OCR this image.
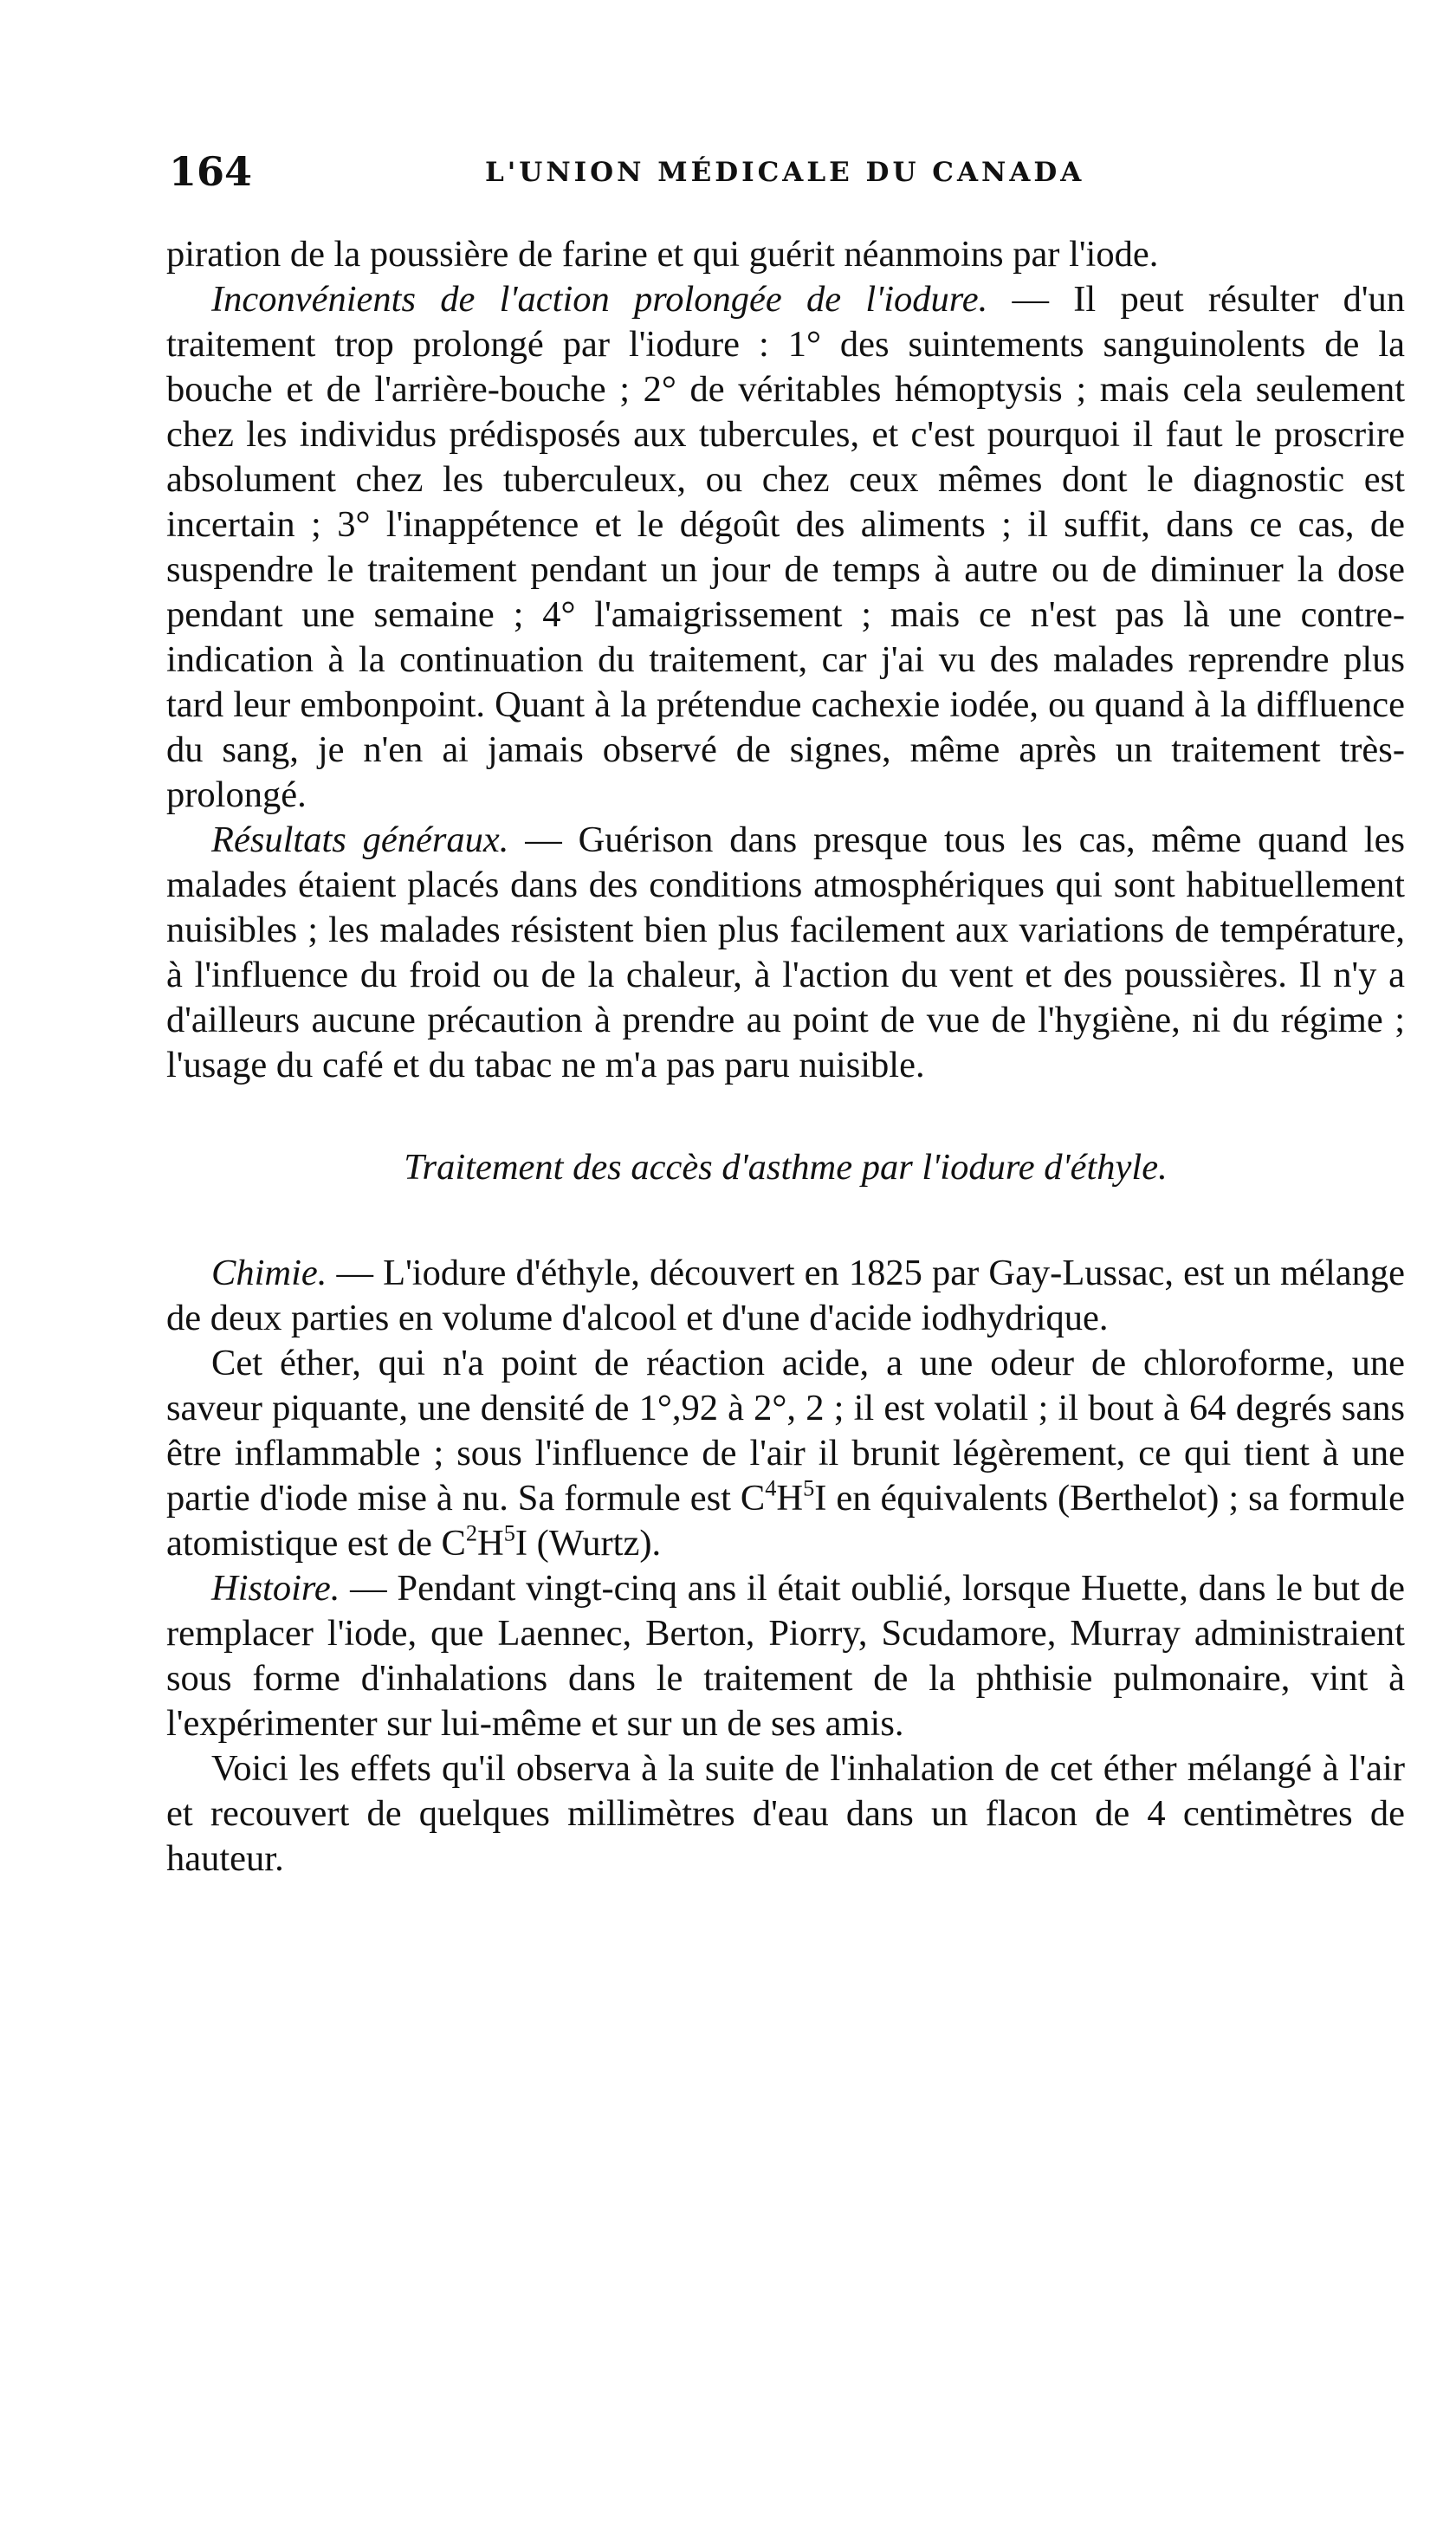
164	L'UNION MÉDICALE DU CANADA

piration de la poussière de farine et qui guérit néanmoins par l'iode.

Inconvénients de l'action prolongée de l'iodure. — Il peut résulter d'un traitement trop prolongé par l'iodure : 1° des suintements sanguinolents de la bouche et de l'arrière-bouche ; 2° de véritables hémoptysis ; mais cela seulement chez les individus prédisposés aux tubercules, et c'est pourquoi il faut le proscrire absolument chez les tuberculeux, ou chez ceux mêmes dont le diagnostic est incertain ; 3° l'inappétence et le dégoût des aliments ; il suffit, dans ce cas, de suspendre le traitement pendant un jour de temps à autre ou de diminuer la dose pendant une semaine ; 4° l'amaigrissement ; mais ce n'est pas là une contre-indication à la continuation du traitement, car j'ai vu des malades reprendre plus tard leur embonpoint. Quant à la prétendue cachexie iodée, ou quand à la diffluence du sang, je n'en ai jamais observé de signes, même après un traitement très-prolongé.

Résultats généraux. — Guérison dans presque tous les cas, même quand les malades étaient placés dans des conditions atmosphériques qui sont habituellement nuisibles ; les malades résistent bien plus facilement aux variations de température, à l'influence du froid ou de la chaleur, à l'action du vent et des poussières. Il n'y a d'ailleurs aucune précaution à prendre au point de vue de l'hygiène, ni du régime ; l'usage du café et du tabac ne m'a pas paru nuisible.

Traitement des accès d'asthme par l'iodure d'éthyle.

Chimie. — L'iodure d'éthyle, découvert en 1825 par Gay-Lussac, est un mélange de deux parties en volume d'alcool et d'une d'acide iodhydrique.

Cet éther, qui n'a point de réaction acide, a une odeur de chloroforme, une saveur piquante, une densité de 1°,92 à 2°, 2 ; il est volatil ; il bout à 64 degrés sans être inflammable ; sous l'influence de l'air il brunit légèrement, ce qui tient à une partie d'iode mise à nu. Sa formule est $C^4H^5I$ en équivalents (Berthelot) ; sa formule atomistique est de $C^2H^5I$ (Wurtz).

Histoire. — Pendant vingt-cinq ans il était oublié, lorsque Huette, dans le but de remplacer l'iode, que Laennec, Berton, Piorry, Scudamore, Murray administraient sous forme d'inhalations dans le traitement de la phthisie pulmonaire, vint à l'expérimenter sur lui-même et sur un de ses amis.

Voici les effets qu'il observa à la suite de l'inhalation de cet éther mélangé à l'air et recouvert de quelques millimètres d'eau dans un flacon de 4 centimètres de hauteur.
